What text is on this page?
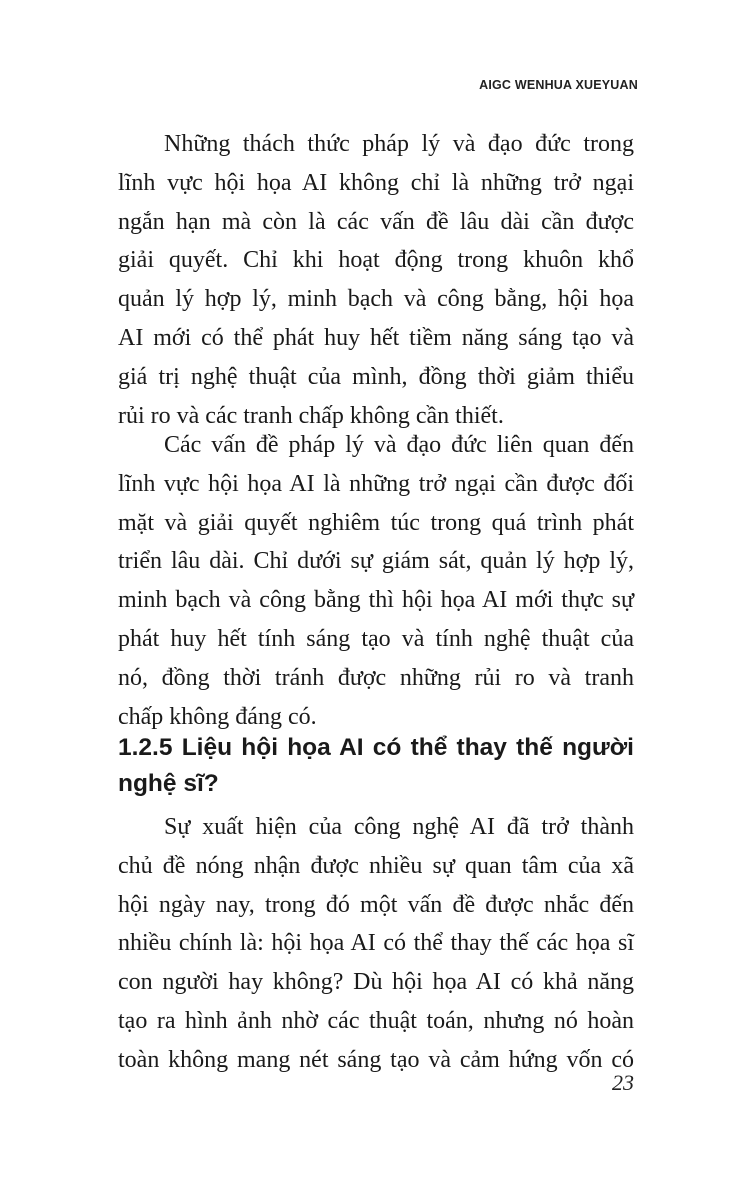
AIGC WENHUA XUEYUAN
Những thách thức pháp lý và đạo đức trong
lĩnh vực hội họa AI không chỉ là những trở ngại
ngắn hạn mà còn là các vấn đề lâu dài cần được
giải quyết. Chỉ khi hoạt động trong khuôn khổ
quản lý hợp lý, minh bạch và công bằng, hội họa
AI mới có thể phát huy hết tiềm năng sáng tạo và
giá trị nghệ thuật của mình, đồng thời giảm thiểu
rủi ro và các tranh chấp không cần thiết.
Các vấn đề pháp lý và đạo đức liên quan đến
lĩnh vực hội họa AI là những trở ngại cần được đối
mặt và giải quyết nghiêm túc trong quá trình phát
triển lâu dài. Chỉ dưới sự giám sát, quản lý hợp lý,
minh bạch và công bằng thì hội họa AI mới thực sự
phát huy hết tính sáng tạo và tính nghệ thuật của
nó, đồng thời tránh được những rủi ro và tranh
chấp không đáng có.
1.2.5 Liệu hội họa AI có thể thay thế người
nghệ sĩ?
Sự xuất hiện của công nghệ AI đã trở thành
chủ đề nóng nhận được nhiều sự quan tâm của xã
hội ngày nay, trong đó một vấn đề được nhắc đến
nhiều chính là: hội họa AI có thể thay thế các họa sĩ
con người hay không? Dù hội họa AI có khả năng
tạo ra hình ảnh nhờ các thuật toán, nhưng nó hoàn
toàn không mang nét sáng tạo và cảm hứng vốn có
23
